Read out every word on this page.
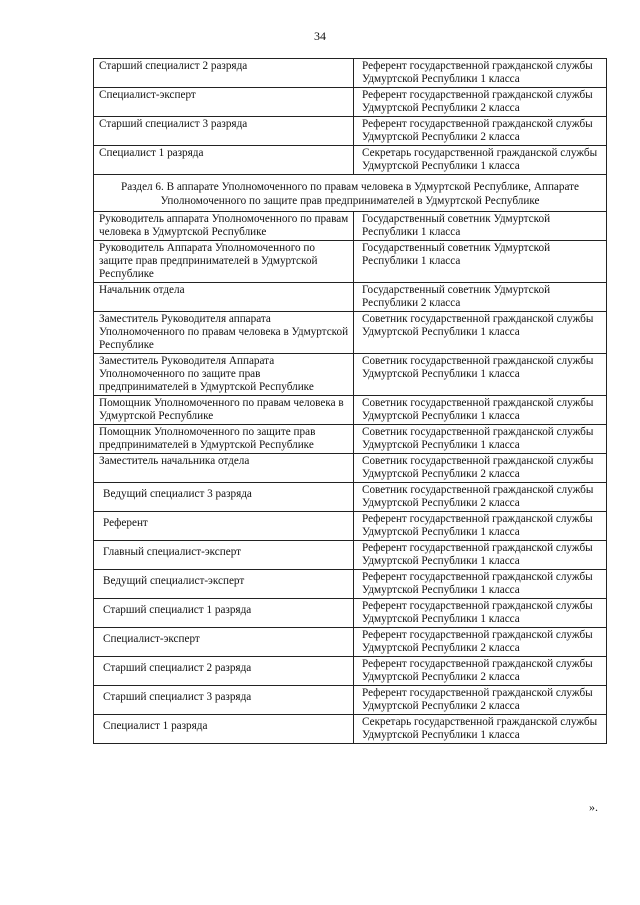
34
Старший специалист 2 разряда	Референт государственной гражданской службы Удмуртской Республики 1 класса
Специалист-эксперт	Референт государственной гражданской службы Удмуртской Республики 2 класса
Старший специалист 3 разряда	Референт государственной гражданской службы Удмуртской Республики 2 класса
Специалист 1 разряда	Секретарь государственной гражданской службы Удмуртской Республики 1 класса
Раздел 6. В аппарате Уполномоченного по правам человека в Удмуртской Республике, Аппарате Уполномоченного по защите прав предпринимателей в Удмуртской Республике	
Руководитель аппарата Уполномоченного по правам человека в Удмуртской Республике	Государственный советник Удмуртской Республики 1 класса
Руководитель Аппарата Уполномоченного по защите прав предпринимателей в Удмуртской Республике	Государственный советник Удмуртской Республики 1 класса
Начальник отдела	Государственный советник Удмуртской Республики 2 класса
Заместитель Руководителя аппарата Уполномоченного по правам человека в Удмуртской Республике	Советник государственной гражданской службы Удмуртской Республики 1 класса
Заместитель Руководителя Аппарата Уполномоченного по защите прав предпринимателей в Удмуртской Республике	Советник государственной гражданской службы Удмуртской Республики 1 класса
Помощник Уполномоченного по правам человека в Удмуртской Республике	Советник государственной гражданской службы Удмуртской Республики 1 класса
Помощник Уполномоченного по защите прав предпринимателей в Удмуртской Республике	Советник государственной гражданской службы Удмуртской Республики 1 класса
Заместитель начальника отдела	Советник государственной гражданской службы Удмуртской Республики 2 класса
Ведущий специалист 3 разряда	Советник государственной гражданской службы Удмуртской Республики 2 класса
Референт	Референт государственной гражданской службы Удмуртской Республики 1 класса
Главный специалист-эксперт	Референт государственной гражданской службы Удмуртской Республики 1 класса
Ведущий специалист-эксперт	Референт государственной гражданской службы Удмуртской Республики 1 класса
Старший специалист 1 разряда	Референт государственной гражданской службы Удмуртской Республики 1 класса
Специалист-эксперт	Референт государственной гражданской службы Удмуртской Республики 2 класса
Старший специалист 2 разряда	Референт государственной гражданской службы Удмуртской Республики 2 класса
Старший специалист 3 разряда	Референт государственной гражданской службы Удмуртской Республики 2 класса
Специалист 1 разряда	Секретарь государственной гражданской службы Удмуртской Республики 1 класса
».
